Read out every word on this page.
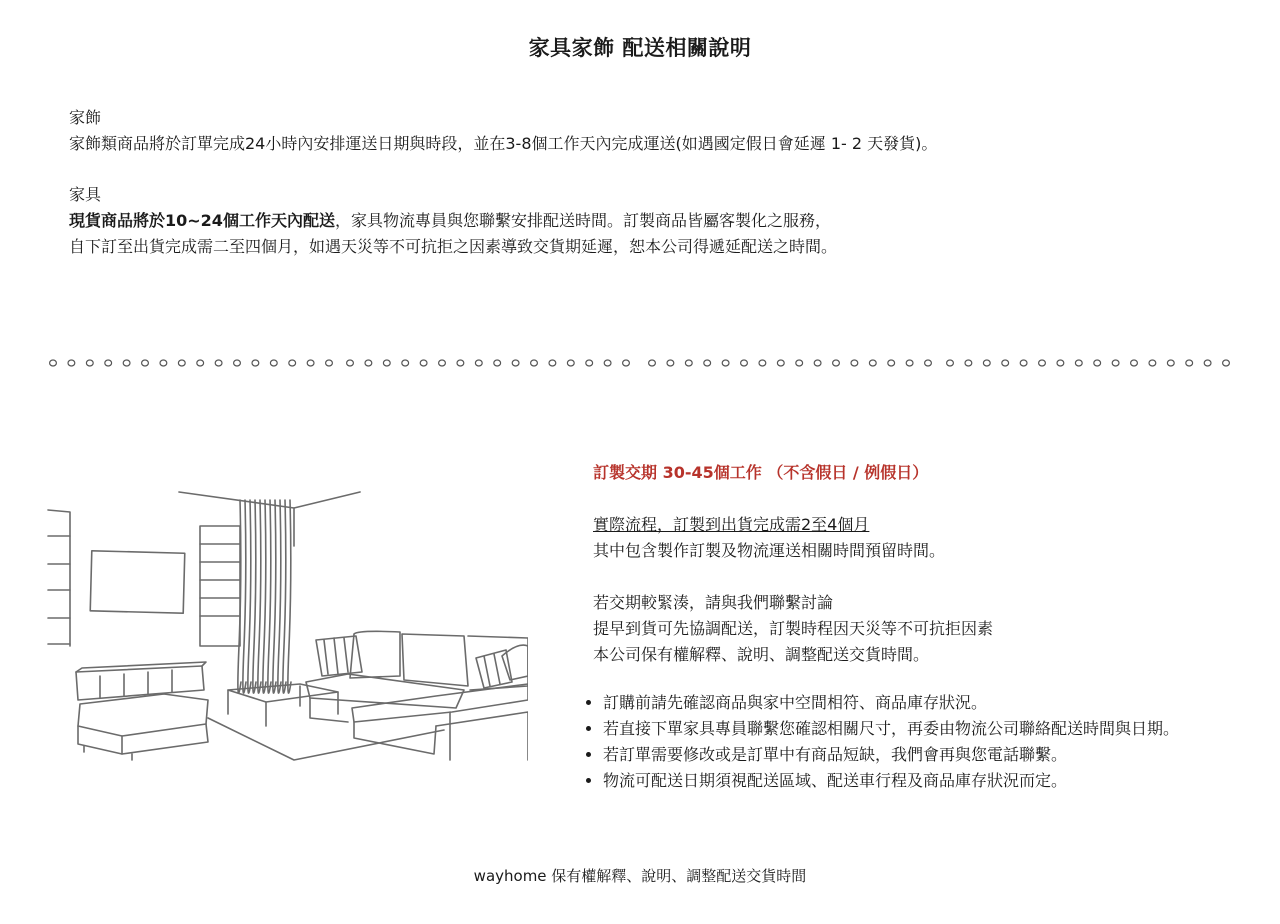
家具家飾 配送相關說明

家飾

家飾類商品將於訂單完成24小時內安排運送日期與時段，並在3-8個工作天內完成運送(如遇國定假日會延遲 1- 2 天發貨)。

家具

現貨商品將於10~24個工作天內配送，家具物流專員與您聯繫安排配送時間。訂製商品皆屬客製化之服務，

自下訂至出貨完成需二至四個月，如遇天災等不可抗拒之因素導致交貨期延遲，恕本公司得遞延配送之時間。

訂製交期 30-45個工作 （不含假日 / 例假日）

實際流程，訂製到出貨完成需2至4個月

其中包含製作訂製及物流運送相關時間預留時間。

若交期較緊湊，請與我們聯繫討論

提早到貨可先協調配送，訂製時程因天災等不可抗拒因素

本公司保有權解釋、說明、調整配送交貨時間。

• 訂購前請先確認商品與家中空間相符、商品庫存狀況。
• 若直接下單家具專員聯繫您確認相關尺寸，再委由物流公司聯絡配送時間與日期。
• 若訂單需要修改或是訂單中有商品短缺，我們會再與您電話聯繫。
• 物流可配送日期須視配送區域、配送車行程及商品庫存狀況而定。
wayhome 保有權解釋、說明、調整配送交貨時間
